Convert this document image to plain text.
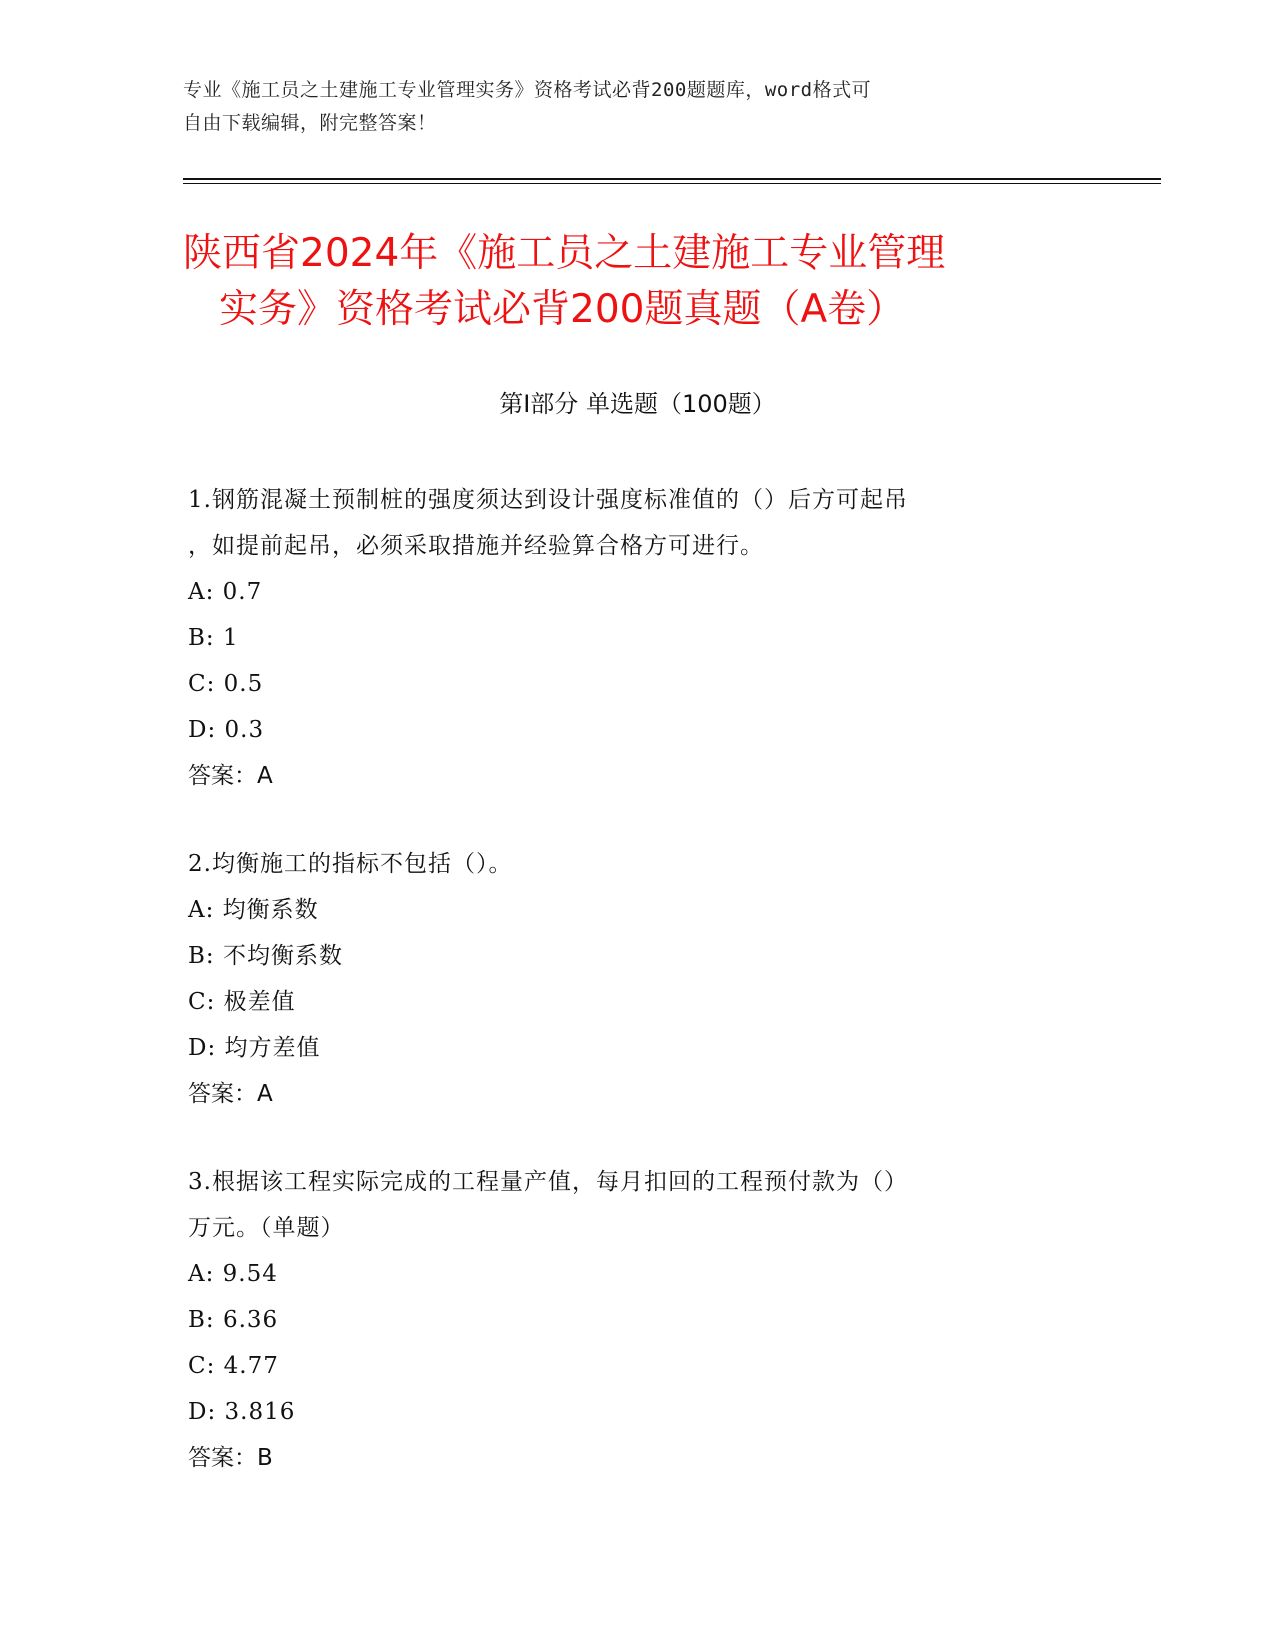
专业《施工员之土建施工专业管理实务》资格考试必背200题题库，word格式可
自由下载编辑，附完整答案！
陕西省2024年《施工员之土建施工专业管理
实务》资格考试必背200题真题（A卷）
第Ⅰ部分 单选题（100题）

1.钢筋混凝土预制桩的强度须达到设计强度标准值的（）后方可起吊

，如提前起吊，必须采取措施并经验算合格方可进行。

A: 0.7

B: 1

C: 0.5

D: 0.3

答案：A

2.均衡施工的指标不包括（）。

A: 均衡系数

B: 不均衡系数

C: 极差值

D: 均方差值

答案：A

3.根据该工程实际完成的工程量产值，每月扣回的工程预付款为（）

万元。（单题）

A: 9.54

B: 6.36

C: 4.77

D: 3.816

答案：B
